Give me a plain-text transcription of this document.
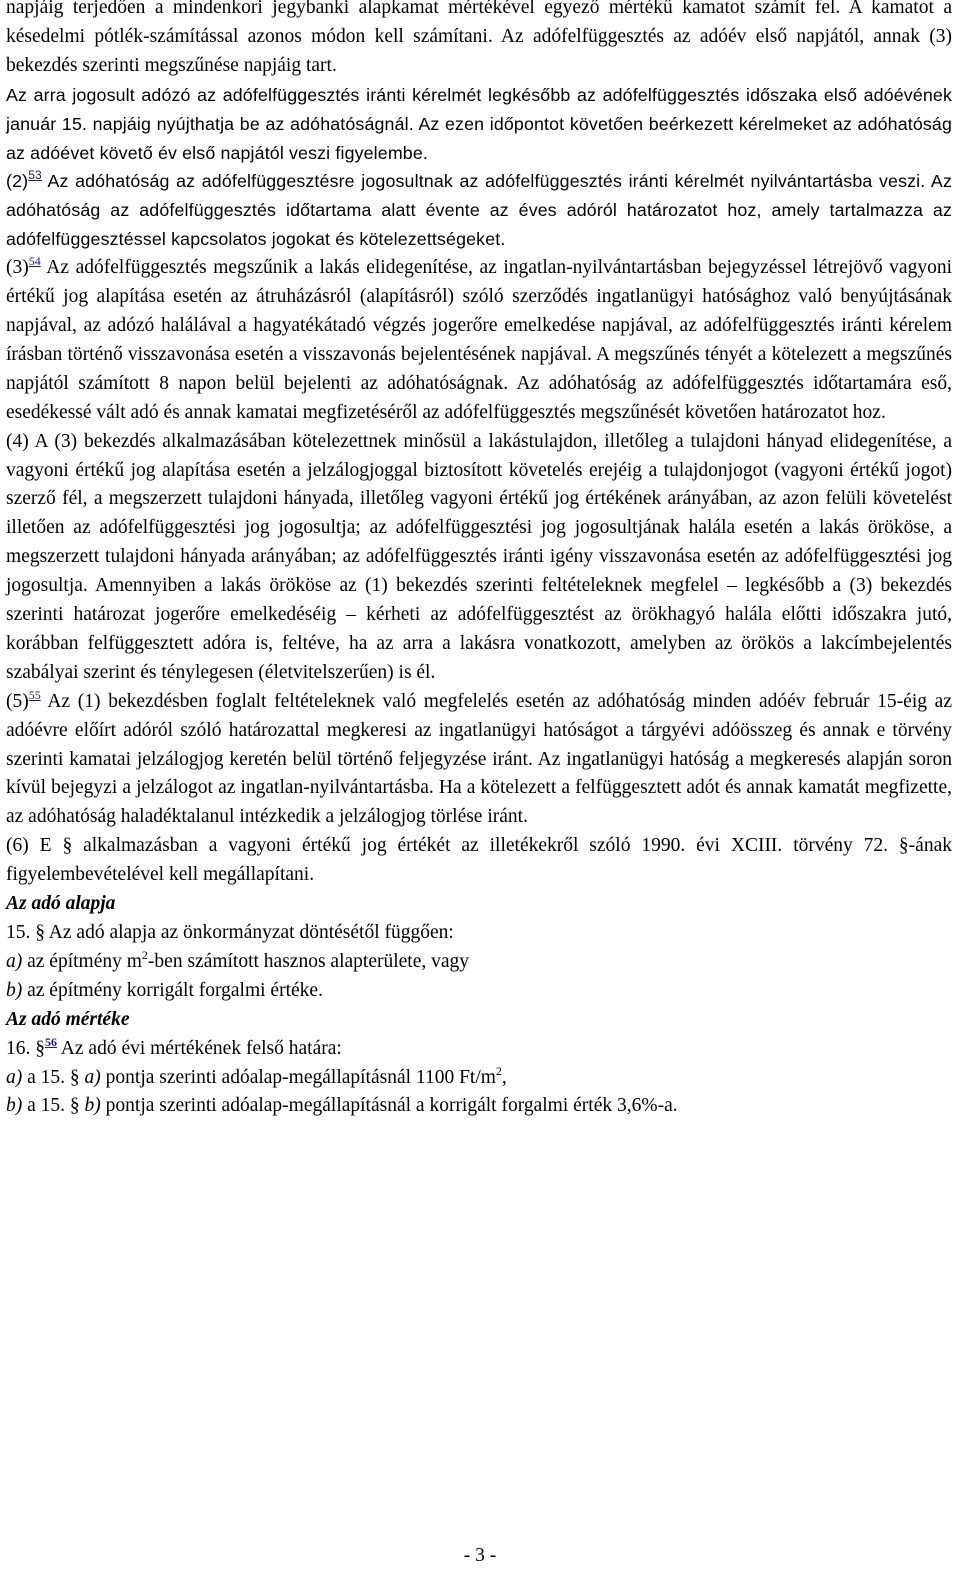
napjáig terjedően a mindenkori jegybanki alapkamat mértékével egyező mértékű kamatot számít fel. A kamatot a késedelmi pótlék-számítással azonos módon kell számítani. Az adófelfüggesztés az adóév első napjától, annak (3) bekezdés szerinti megszűnése napjáig tart.

Az arra jogosult adózó az adófelfüggesztés iránti kérelmét legkésőbb az adófelfüggesztés időszaka első adóévének január 15. napjáig nyújthatja be az adóhatóságnál. Az ezen időpontot követően beérkezett kérelmeket az adóhatóság az adóévet követő év első napjától veszi figyelembe.

$(2)^{53}$ Az adóhatóság az adófelfüggesztésre jogosultnak az adófelfüggesztés iránti kérelmét nyilvántartásba veszi. Az adóhatóság az adófelfüggesztés időtartama alatt évente az éves adóról határozatot hoz, amely tartalmazza az adófelfüggesztéssel kapcsolatos jogokat és kötelezettségeket.

$(3)^{54}$ Az adófelfüggesztés megszűnik a lakás elidegenítése, az ingatlan-nyilvántartásban bejegyzéssel létrejövő vagyoni értékű jog alapítása esetén az átruházásról (alapításról) szóló szerződés ingatlanügyi hatósághoz való benyújtásának napjával, az adózó halálával a hagyatékátadó végzés jogerőre emelkedése napjával, az adófelfüggesztés iránti kérelem írásban történő visszavonása esetén a visszavonás bejelentésének napjával. A megszűnés tényét a kötelezett a megszűnés napjától számított 8 napon belül bejelenti az adóhatóságnak. Az adóhatóság az adófelfüggesztés időtartamára eső, esedékessé vált adó és annak kamatai megfizetéséről az adófelfüggesztés megszűnését követően határozatot hoz.

(4) A (3) bekezdés alkalmazásában kötelezettnek minősül a lakástulajdon, illetőleg a tulajdoni hányad elidegenítése, a vagyoni értékű jog alapítása esetén a jelzálogjoggal biztosított követelés erejéig a tulajdonjogot (vagyoni értékű jogot) szerző fél, a megszerzett tulajdoni hányada, illetőleg vagyoni értékű jog értékének arányában, az azon felüli követelést illetően az adófelfüggesztési jog jogosultja; az adófelfüggesztési jog jogosultjának halála esetén a lakás örököse, a megszerzett tulajdoni hányada arányában; az adófelfüggesztés iránti igény visszavonása esetén az adófelfüggesztési jog jogosultja. Amennyiben a lakás örököse az (1) bekezdés szerinti feltételeknek megfelel – legkésőbb a (3) bekezdés szerinti határozat jogerőre emelkedéséig – kérheti az adófelfüggesztést az örökhagyó halála előtti időszakra jutó, korábban felfüggesztett adóra is, feltéve, ha az arra a lakásra vonatkozott, amelyben az örökös a lakcímbejelentés szabályai szerint és ténylegesen (életvitelszerűen) is él.

$(5)^{55}$ Az (1) bekezdésben foglalt feltételeknek való megfelelés esetén az adóhatóság minden adóév február 15-éig az adóévre előírt adóról szóló határozattal megkeresi az ingatlanügyi hatóságot a tárgyévi adóösszeg és annak e törvény szerinti kamatai jelzálogjog keretén belül történő feljegyzése iránt. Az ingatlanügyi hatóság a megkeresés alapján soron kívül bejegyzi a jelzálogot az ingatlan-nyilvántartásba. Ha a kötelezett a felfüggesztett adót és annak kamatát megfizette, az adóhatóság haladéktalanul intézkedik a jelzálogjog törlése iránt.

(6) E § alkalmazásban a vagyoni értékű jog értékét az illetékekről szóló 1990. évi XCIII. törvény 72. §-ának figyelembevételével kell megállapítani.

Az adó alapja

15. § Az adó alapja az önkormányzat döntésétől függően:

a) az építmény $m^2$-ben számított hasznos alapterülete, vagy

b) az építmény korrigált forgalmi értéke.

Az adó mértéke

16. §$^{56}$ Az adó évi mértékének felső határa:

a) a 15. § a) pontja szerinti adóalap-megállapításnál 1100 $Ft/m^2$,

b) a 15. § b) pontja szerinti adóalap-megállapításnál a korrigált forgalmi érték 3,6%-a.

- 3 -
